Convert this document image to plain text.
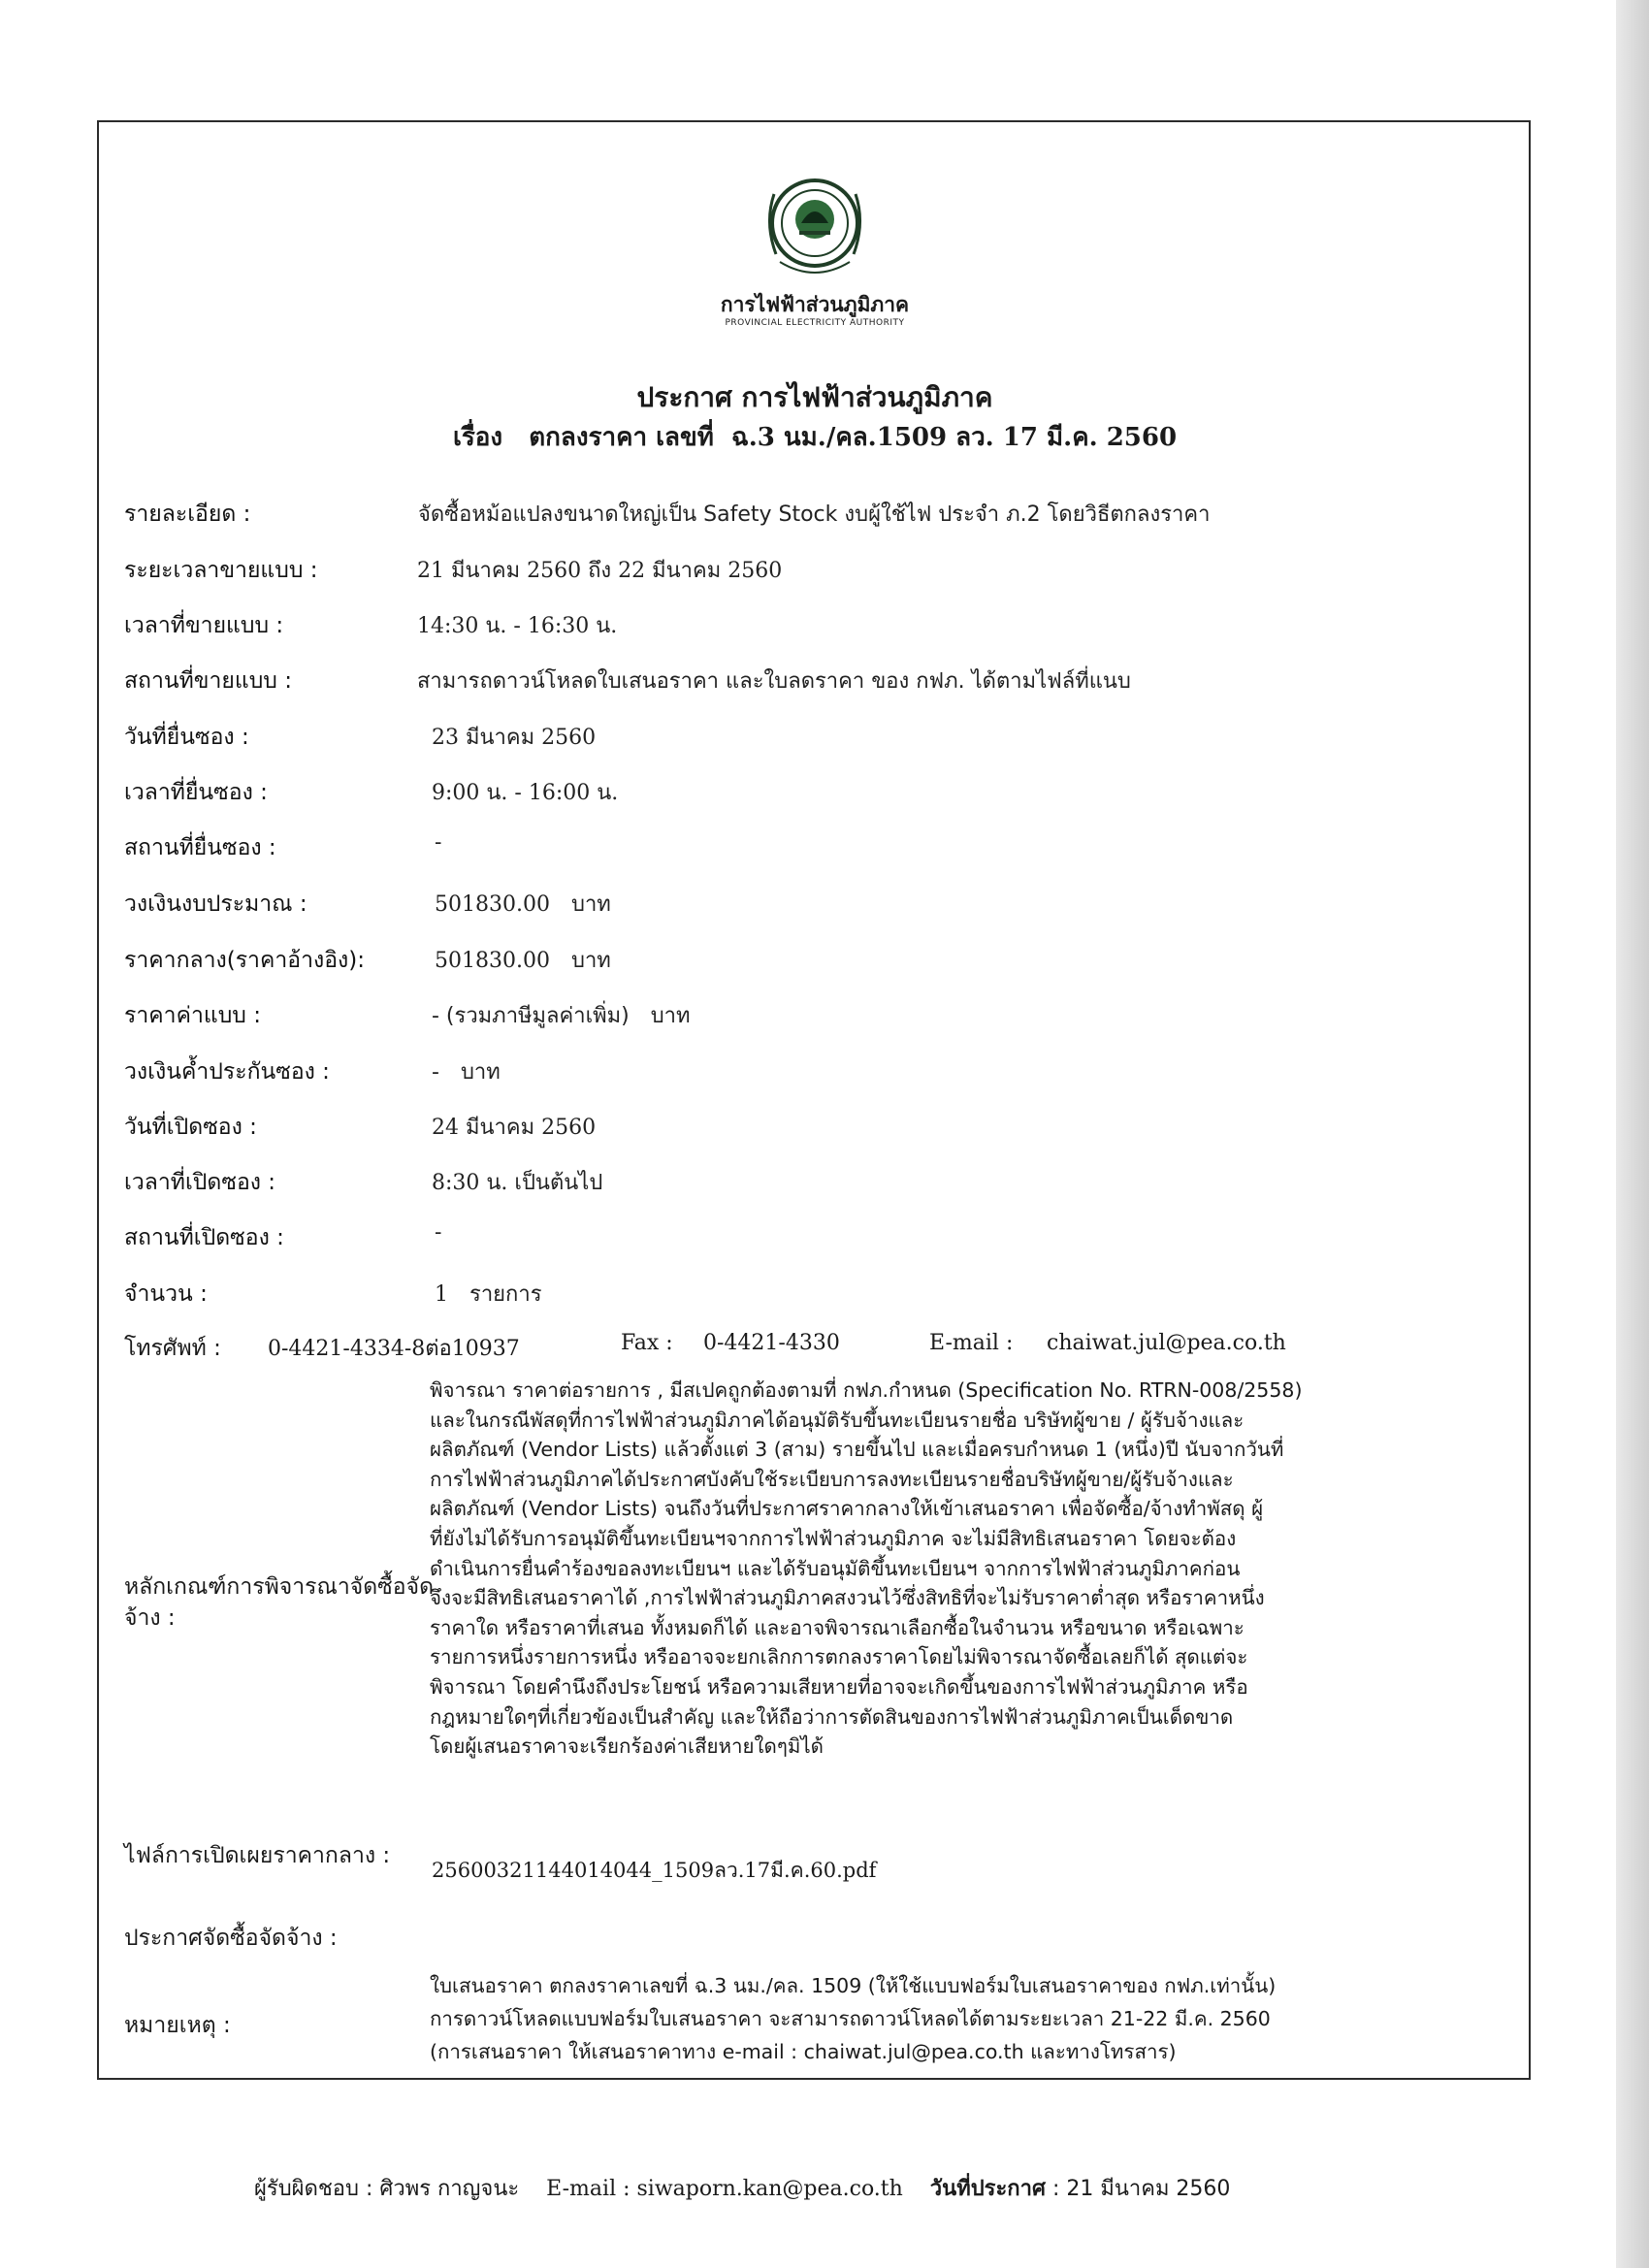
การไฟฟ้าส่วนภูมิภาค
PROVINCIAL ELECTRICITY AUTHORITY
ประกาศ การไฟฟ้าส่วนภูมิภาค
เรื่อง ตกลงราคา เลขที่ ฉ.3 นม./คล.1509 ลว. 17 มี.ค. 2560
รายละเอียด :	จัดซื้อหม้อแปลงขนาดใหญ่เป็น Safety Stock งบผู้ใช้ไฟ ประจำ ภ.2 โดยวิธีตกลงราคา
ระยะเวลาขายแบบ :	21 มีนาคม 2560 ถึง 22 มีนาคม 2560
เวลาที่ขายแบบ :	14:30 น. - 16:30 น.
สถานที่ขายแบบ :	สามารถดาวน์โหลดใบเสนอราคา และใบลดราคา ของ กฟภ. ได้ตามไฟล์ที่แนบ
วันที่ยื่นซอง :	23 มีนาคม 2560
เวลาที่ยื่นซอง :	9:00 น. - 16:00 น.
สถานที่ยื่นซอง :	-
วงเงินงบประมาณ :	501830.00 บาท
ราคากลาง(ราคาอ้างอิง):	501830.00 บาท
ราคาค่าแบบ :	- (รวมภาษีมูลค่าเพิ่ม) บาท
วงเงินค้ำประกันซอง :	- บาท
วันที่เปิดซอง :	24 มีนาคม 2560
เวลาที่เปิดซอง :	8:30 น. เป็นต้นไป
สถานที่เปิดซอง :	-
จำนวน :	1 รายการ
โทรศัพท์ : 0-4421-4334-8ต่อ10937	Fax : 0-4421-4330	E-mail : chaiwat.jul@pea.co.th
หลักเกณฑ์การพิจารณาจัดซื้อจัดจ้าง :
พิจารณา ราคาต่อรายการ , มีสเปคถูกต้องตามที่ กฟภ.กำหนด (Specification No. RTRN-008/2558)
และในกรณีพัสดุที่การไฟฟ้าส่วนภูมิภาคได้อนุมัติรับขึ้นทะเบียนรายชื่อ บริษัทผู้ขาย / ผู้รับจ้างและ
ผลิตภัณฑ์ (Vendor Lists) แล้วตั้งแต่ 3 (สาม) รายขึ้นไป และเมื่อครบกำหนด 1 (หนึ่ง)ปี นับจากวันที่
การไฟฟ้าส่วนภูมิภาคได้ประกาศบังคับใช้ระเบียบการลงทะเบียนรายชื่อบริษัทผู้ขาย/ผู้รับจ้างและ
ผลิตภัณฑ์ (Vendor Lists) จนถึงวันที่ประกาศราคากลางให้เข้าเสนอราคา เพื่อจัดซื้อ/จ้างทำพัสดุ ผู้
ที่ยังไม่ได้รับการอนุมัติขึ้นทะเบียนฯจากการไฟฟ้าส่วนภูมิภาค จะไม่มีสิทธิเสนอราคา โดยจะต้อง
ดำเนินการยื่นคำร้องขอลงทะเบียนฯ และได้รับอนุมัติขึ้นทะเบียนฯ จากการไฟฟ้าส่วนภูมิภาคก่อน
จึงจะมีสิทธิเสนอราคาได้ ,การไฟฟ้าส่วนภูมิภาคสงวนไว้ซึ่งสิทธิที่จะไม่รับราคาต่ำสุด หรือราคาหนึ่ง
ราคาใด หรือราคาที่เสนอ ทั้งหมดก็ได้ และอาจพิจารณาเลือกซื้อในจำนวน หรือขนาด หรือเฉพาะ
รายการหนึ่งรายการหนึ่ง หรืออาจจะยกเลิกการตกลงราคาโดยไม่พิจารณาจัดซื้อเลยก็ได้ สุดแต่จะ
พิจารณา โดยคำนึงถึงประโยชน์ หรือความเสียหายที่อาจจะเกิดขึ้นของการไฟฟ้าส่วนภูมิภาค หรือ
กฎหมายใดๆที่เกี่ยวข้องเป็นสำคัญ และให้ถือว่าการตัดสินของการไฟฟ้าส่วนภูมิภาคเป็นเด็ดขาด
โดยผู้เสนอราคาจะเรียกร้องค่าเสียหายใดๆมิได้
ไฟล์การเปิดเผยราคากลาง :
25600321144014044_1509ลว.17มี.ค.60.pdf
ประกาศจัดซื้อจัดจ้าง :
หมายเหตุ :
ใบเสนอราคา ตกลงราคาเลขที่ ฉ.3 นม./คล. 1509 (ให้ใช้แบบฟอร์มใบเสนอราคาของ กฟภ.เท่านั้น)
การดาวน์โหลดแบบฟอร์มใบเสนอราคา จะสามารถดาวน์โหลดได้ตามระยะเวลา 21-22 มี.ค. 2560
(การเสนอราคา ให้เสนอราคาทาง e-mail : chaiwat.jul@pea.co.th และทางโทรสาร)
ผู้รับผิดชอบ : ศิวพร กาญจนะ E-mail : siwaporn.kan@pea.co.th วันที่ประกาศ : 21 มีนาคม 2560
